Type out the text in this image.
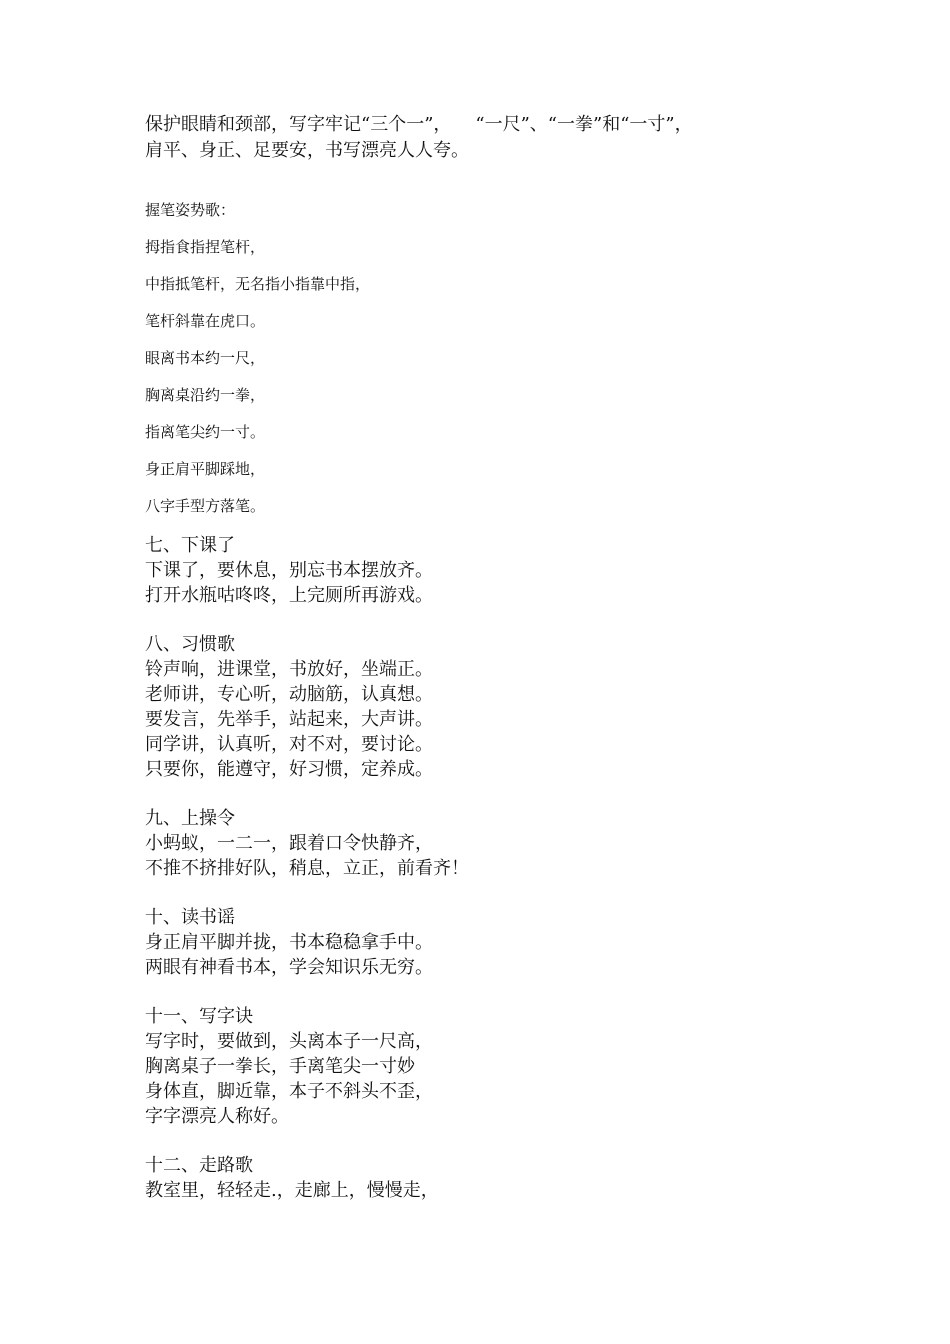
保护眼睛和颈部，写字牢记“三个一”， “一尺”、“一拳”和“一寸”，

肩平、身正、足要安，书写漂亮人人夸。

握笔姿势歌：

拇指食指捏笔杆，

中指抵笔杆，无名指小指靠中指，

笔杆斜靠在虎口。

眼离书本约一尺，

胸离桌沿约一拳，

指离笔尖约一寸。

身正肩平脚踩地，

八字手型方落笔。

七、下课了

下课了，要休息，别忘书本摆放齐。

打开水瓶咕咚咚，上完厕所再游戏。

八、习惯歌

铃声响，进课堂，书放好，坐端正。

老师讲，专心听，动脑筋，认真想。

要发言，先举手，站起来，大声讲。

同学讲，认真听，对不对，要讨论。

只要你，能遵守，好习惯，定养成。

九、上操令

小蚂蚁，一二一，跟着口令快静齐，

不推不挤排好队，稍息，立正，前看齐！

十、读书谣

身正肩平脚并拢，书本稳稳拿手中。

两眼有神看书本，学会知识乐无穷。

十一、写字诀

写字时，要做到，头离本子一尺高，

胸离桌子一拳长，手离笔尖一寸妙

身体直，脚近靠，本子不斜头不歪，

字字漂亮人称好。

十二、走路歌

教室里，轻轻走.，走廊上，慢慢走，
